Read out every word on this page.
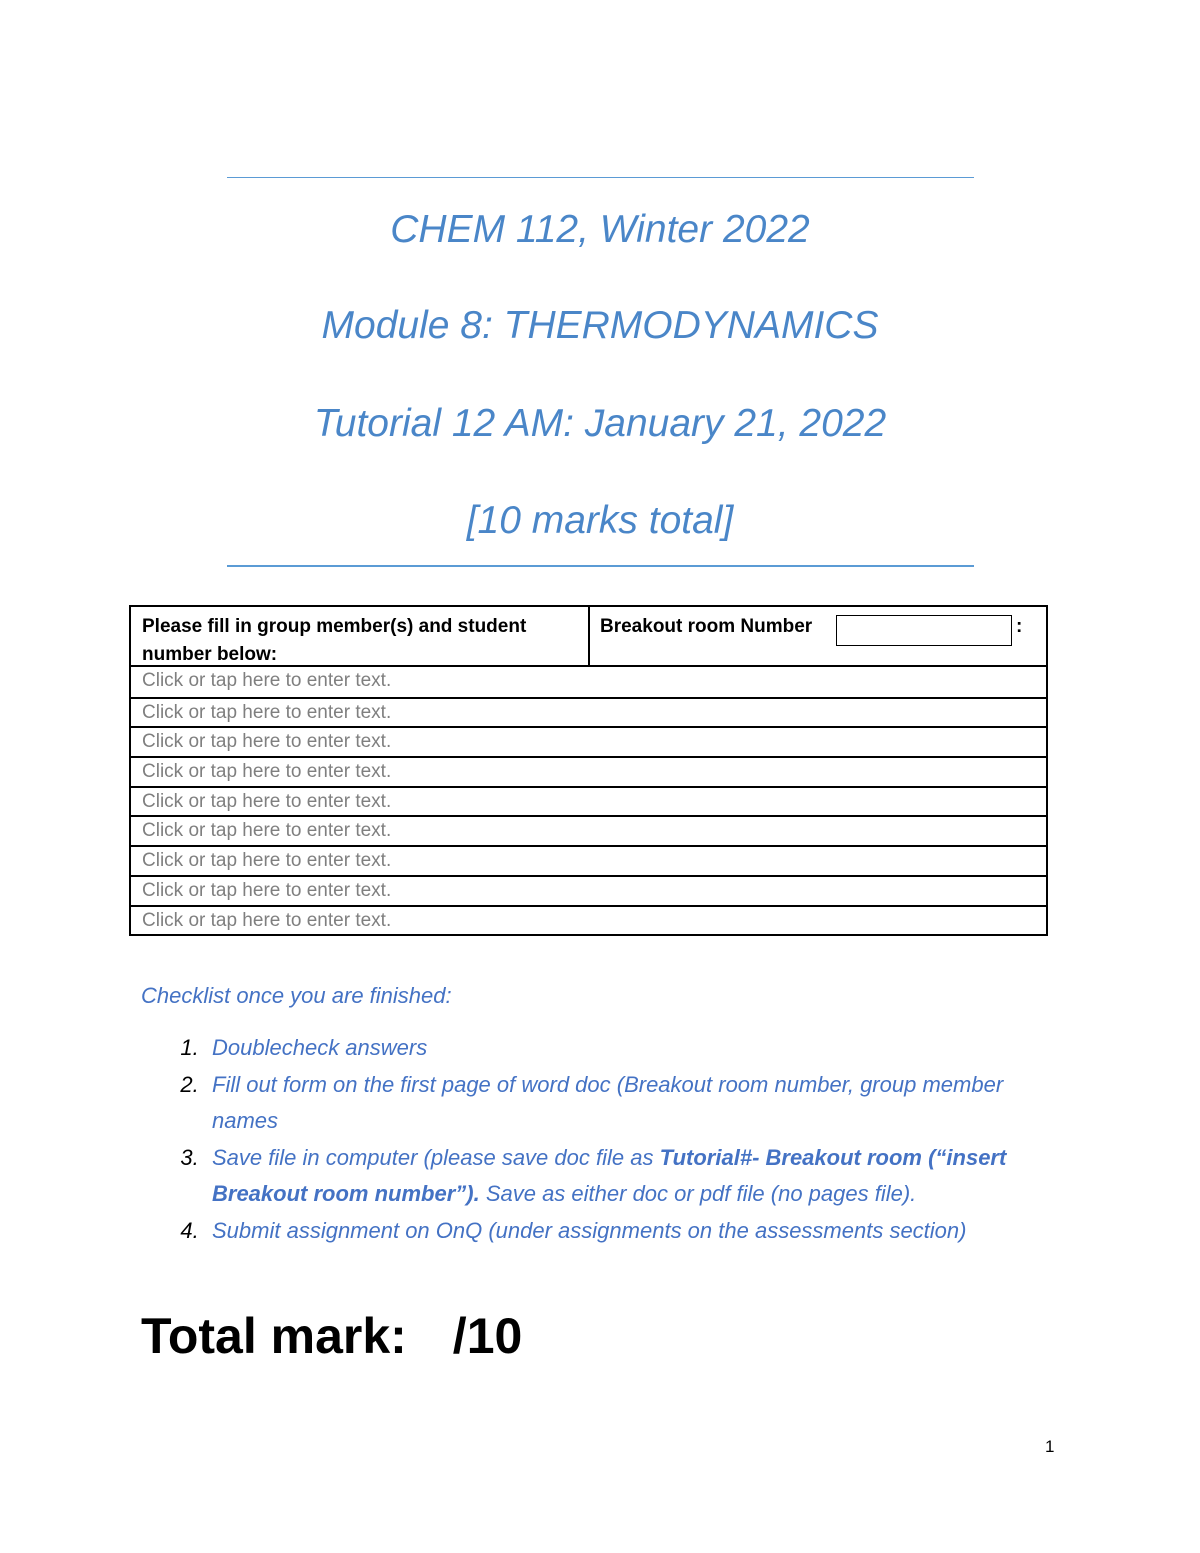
CHEM 112, Winter 2022
Module 8: THERMODYNAMICS
Tutorial 12 AM: January 21, 2022
[10 marks total]
Please fill in group member(s) and student number below:
Breakout room Number	:
Click or tap here to enter text.
Click or tap here to enter text.
Click or tap here to enter text.
Click or tap here to enter text.
Click or tap here to enter text.
Click or tap here to enter text.
Click or tap here to enter text.
Click or tap here to enter text.
Click or tap here to enter text.
Checklist once you are finished:
1. Doublecheck answers
2. Fill out form on the first page of word doc (Breakout room number, group member names
3. Save file in computer (please save doc file as Tutorial#- Breakout room (“insert Breakout room number”). Save as either doc or pdf file (no pages file).
4. Submit assignment on OnQ (under assignments on the assessments section)
Total mark: /10
1
